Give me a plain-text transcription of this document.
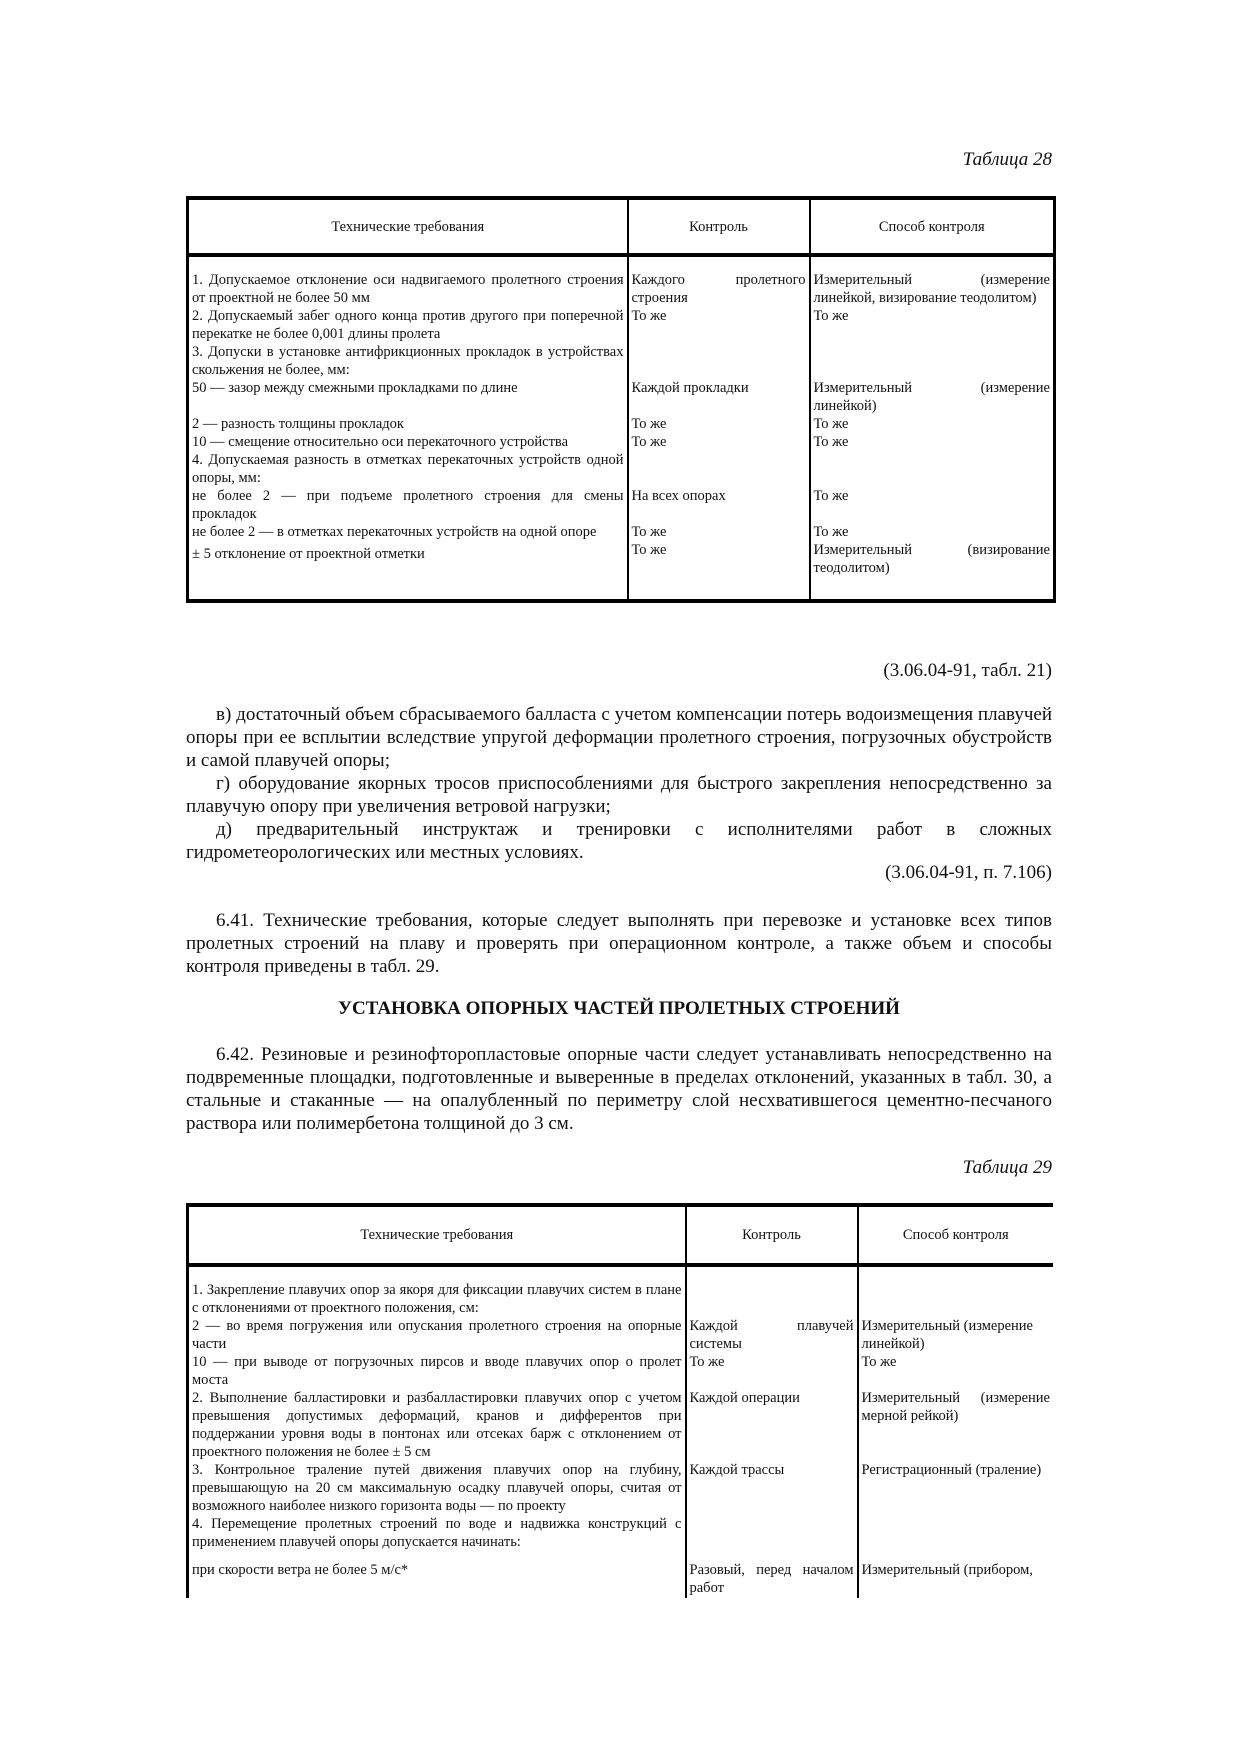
Таблица 28
Технические требования	Контроль	Способ контроля

1. Допускаемое отклонение оси надвигаемого пролетного строения от проектной не более 50 мм	Каждого пролетного строения	Измерительный (измерение линейкой, визирование теодолитом)
2. Допускаемый забег одного конца против другого при поперечной перекатке не более 0,001 длины пролета	То же	То же
3. Допуски в установке антифрикционных прокладок в устройствах скольжения не более, мм:		
50 — зазор между смежными прокладками по длине	Каждой прокладки	Измерительный (измерение линейкой)
2 — разность толщины прокладок	То же	То же
10 — смещение относительно оси перекаточного устройства	То же	То же
4. Допускаемая разность в отметках перекаточных устройств одной опоры, мм:		
не более 2 — при подъеме пролетного строения для смены прокладок	На всех опорах	То же
не более 2 — в отметках перекаточных устройств на одной опоре	То же	То же
± 5 отклонение от проектной отметки	То же	Измерительный (визирование теодолитом)

(3.06.04-91, табл. 21)

в) достаточный объем сбрасываемого балласта с учетом компенсации потерь водоизмещения плавучей опоры при ее всплытии вследствие упругой деформации пролетного строения, погрузочных обустройств и самой плавучей опоры;

г) оборудование якорных тросов приспособлениями для быстрого закрепления непосредственно за плавучую опору при увеличения ветровой нагрузки;

д) предварительный инструктаж и тренировки с исполнителями работ в сложных гидрометеорологических или местных условиях.

(3.06.04-91, п. 7.106)

6.41. Технические требования, которые следует выполнять при перевозке и установке всех типов пролетных строений на плаву и проверять при операционном контроле, а также объем и способы контроля приведены в табл. 29.

УСТАНОВКА ОПОРНЫХ ЧАСТЕЙ ПРОЛЕТНЫХ СТРОЕНИЙ

6.42. Резиновые и резинофторопластовые опорные части следует устанавливать непосредственно на подвременные площадки, подготовленные и выверенные в пределах отклонений, указанных в табл. 30, а стальные и стаканные — на опалубленный по периметру слой несхватившегося цементно-песчаного раствора или полимербетона толщиной до 3 см.

Таблица 29
Технические требования	Контроль	Способ контроля

1. Закрепление плавучих опор за якоря для фиксации плавучих систем в плане с отклонениями от проектного положения, см:		
2 — во время погружения или опускания пролетного строения на опорные части	Каждой плавучей системы	Измерительный (измерение линейкой)
10 — при выводе от погрузочных пирсов и вводе плавучих опор о пролет моста	То же	То же
2. Выполнение балластировки и разбалластировки плавучих опор с учетом превышения допустимых деформаций, кранов и дифферентов при поддержании уровня воды в понтонах или отсеках барж с отклонением от проектного положения не более ± 5 см	Каждой операции	Измерительный (измерение мерной рейкой)
3. Контрольное траление путей движения плавучих опор на глубину, превышающую на 20 см максимальную осадку плавучей опоры, считая от возможного наиболее низкого горизонта воды — по проекту	Каждой трассы	Регистрационный (траление)
4. Перемещение пролетных строений по воде и надвижка конструкций с применением плавучей опоры допускается начинать:		
при скорости ветра не более 5 м/с*	Разовый, перед началом работ	Измерительный (прибором,
